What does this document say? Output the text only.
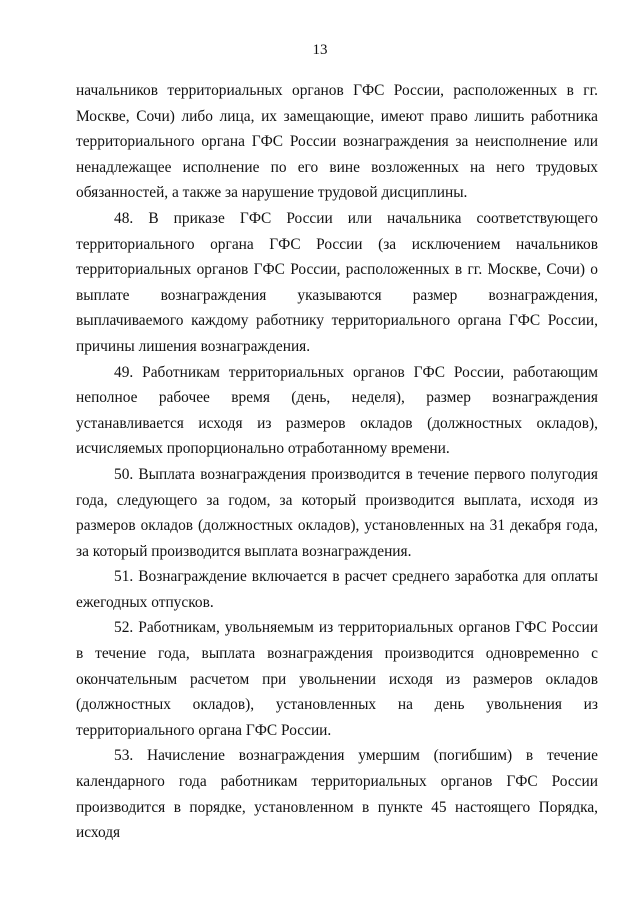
13

начальников территориальных органов ГФС России, расположенных в гг. Москве, Сочи) либо лица, их замещающие, имеют право лишить работника территориального органа ГФС России вознаграждения за неисполнение или ненадлежащее исполнение по его вине возложенных на него трудовых обязанностей, а также за нарушение трудовой дисциплины.

48. В приказе ГФС России или начальника соответствующего территориального органа ГФС России (за исключением начальников территориальных органов ГФС России, расположенных в гг. Москве, Сочи) о выплате вознаграждения указываются размер вознаграждения, выплачиваемого каждому работнику территориального органа ГФС России, причины лишения вознаграждения.

49. Работникам территориальных органов ГФС России, работающим неполное рабочее время (день, неделя), размер вознаграждения устанавливается исходя из размеров окладов (должностных окладов), исчисляемых пропорционально отработанному времени.

50. Выплата вознаграждения производится в течение первого полугодия года, следующего за годом, за который производится выплата, исходя из размеров окладов (должностных окладов), установленных на 31 декабря года, за который производится выплата вознаграждения.

51. Вознаграждение включается в расчет среднего заработка для оплаты ежегодных отпусков.

52. Работникам, увольняемым из территориальных органов ГФС России в течение года, выплата вознаграждения производится одновременно с окончательным расчетом при увольнении исходя из размеров окладов (должностных окладов), установленных на день увольнения из территориального органа ГФС России.

53. Начисление вознаграждения умершим (погибшим) в течение календарного года работникам территориальных органов ГФС России производится в порядке, установленном в пункте 45 настоящего Порядка, исходя
